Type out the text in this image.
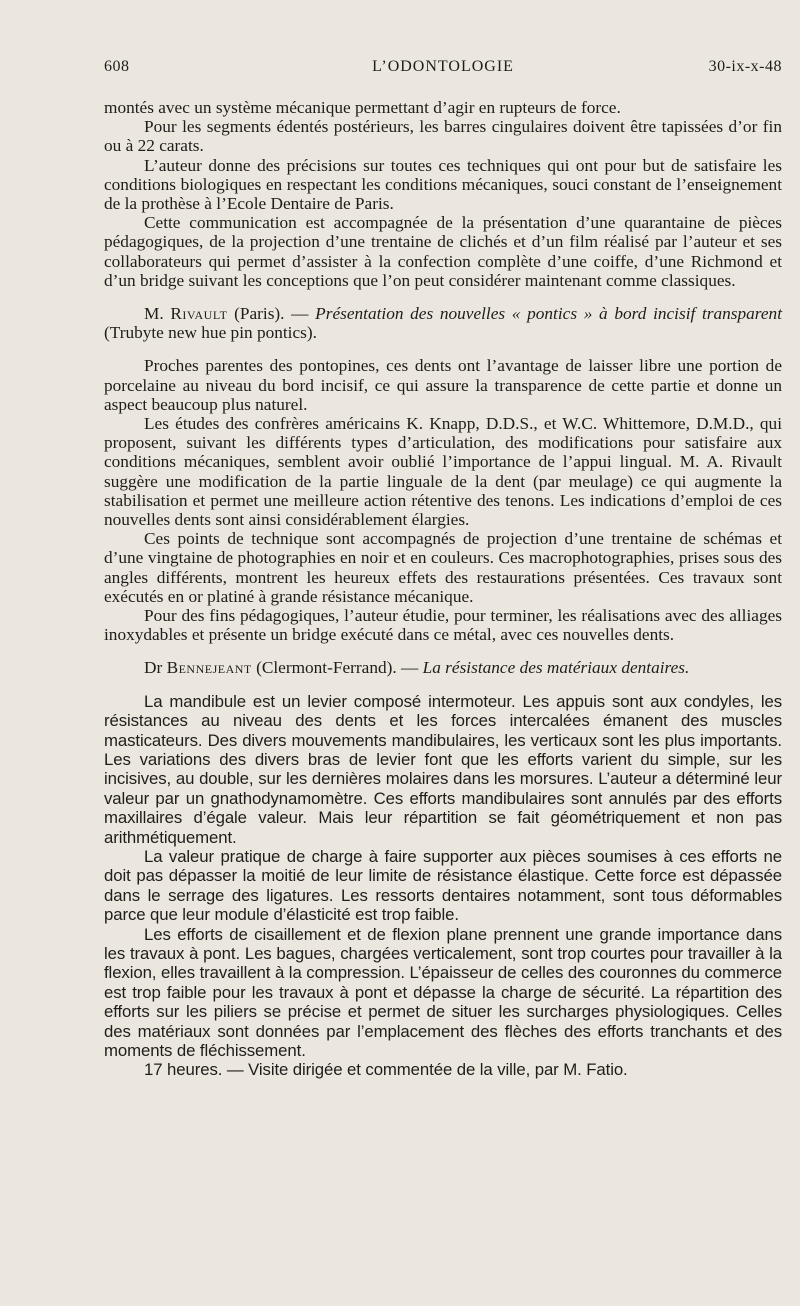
608	L’ODONTOLOGIE	30-ix-x-48

montés avec un système mécanique permettant d’agir en rupteurs de force.

Pour les segments édentés postérieurs, les barres cingulaires doivent être tapissées d’or fin ou à 22 carats.

L’auteur donne des précisions sur toutes ces techniques qui ont pour but de satisfaire les conditions biologiques en respectant les conditions mécaniques, souci constant de l’enseignement de la prothèse à l’Ecole Dentaire de Paris.

Cette communication est accompagnée de la présentation d’une quarantaine de pièces pédagogiques, de la projection d’une trentaine de clichés et d’un film réalisé par l’auteur et ses collaborateurs qui permet d’assister à la confection complète d’une coiffe, d’une Richmond et d’un bridge suivant les conceptions que l’on peut considérer maintenant comme classiques.

M. Rivault (Paris). — Présentation des nouvelles « pontics » à bord incisif transparent (Trubyte new hue pin pontics).

Proches parentes des pontopines, ces dents ont l’avantage de laisser libre une portion de porcelaine au niveau du bord incisif, ce qui assure la transparence de cette partie et donne un aspect beaucoup plus naturel.

Les études des confrères américains K. Knapp, D.D.S., et W.C. Whittemore, D.M.D., qui proposent, suivant les différents types d’articulation, des modifications pour satisfaire aux conditions mécaniques, semblent avoir oublié l’importance de l’appui lingual. M. A. Rivault suggère une modification de la partie linguale de la dent (par meulage) ce qui augmente la stabilisation et permet une meilleure action rétentive des tenons. Les indications d’emploi de ces nouvelles dents sont ainsi considérablement élargies.

Ces points de technique sont accompagnés de projection d’une trentaine de schémas et d’une vingtaine de photographies en noir et en couleurs. Ces macrophotographies, prises sous des angles différents, montrent les heureux effets des restaurations présentées. Ces travaux sont exécutés en or platiné à grande résistance mécanique.

Pour des fins pédagogiques, l’auteur étudie, pour terminer, les réalisations avec des alliages inoxydables et présente un bridge exécuté dans ce métal, avec ces nouvelles dents.

Dr Bennejeant (Clermont-Ferrand). — La résistance des matériaux dentaires.

La mandibule est un levier composé intermoteur. Les appuis sont aux condyles, les résistances au niveau des dents et les forces intercalées émanent des muscles masticateurs. Des divers mouvements mandibulaires, les verticaux sont les plus importants. Les variations des divers bras de levier font que les efforts varient du simple, sur les incisives, au double, sur les dernières molaires dans les morsures. L’auteur a déterminé leur valeur par un gnathodynamomètre. Ces efforts mandibulaires sont annulés par des efforts maxillaires d’égale valeur. Mais leur répartition se fait géométriquement et non pas arithmétiquement.

La valeur pratique de charge à faire supporter aux pièces soumises à ces efforts ne doit pas dépasser la moitié de leur limite de résistance élastique. Cette force est dépassée dans le serrage des ligatures. Les ressorts dentaires notamment, sont tous déformables parce que leur module d’élasticité est trop faible.

Les efforts de cisaillement et de flexion plane prennent une grande importance dans les travaux à pont. Les bagues, chargées verticalement, sont trop courtes pour travailler à la flexion, elles travaillent à la compression. L’épaisseur de celles des couronnes du commerce est trop faible pour les travaux à pont et dépasse la charge de sécurité. La répartition des efforts sur les piliers se précise et permet de situer les surcharges physiologiques. Celles des matériaux sont données par l’emplacement des flèches des efforts tranchants et des moments de fléchissement.

17 heures. — Visite dirigée et commentée de la ville, par M. Fatio.
